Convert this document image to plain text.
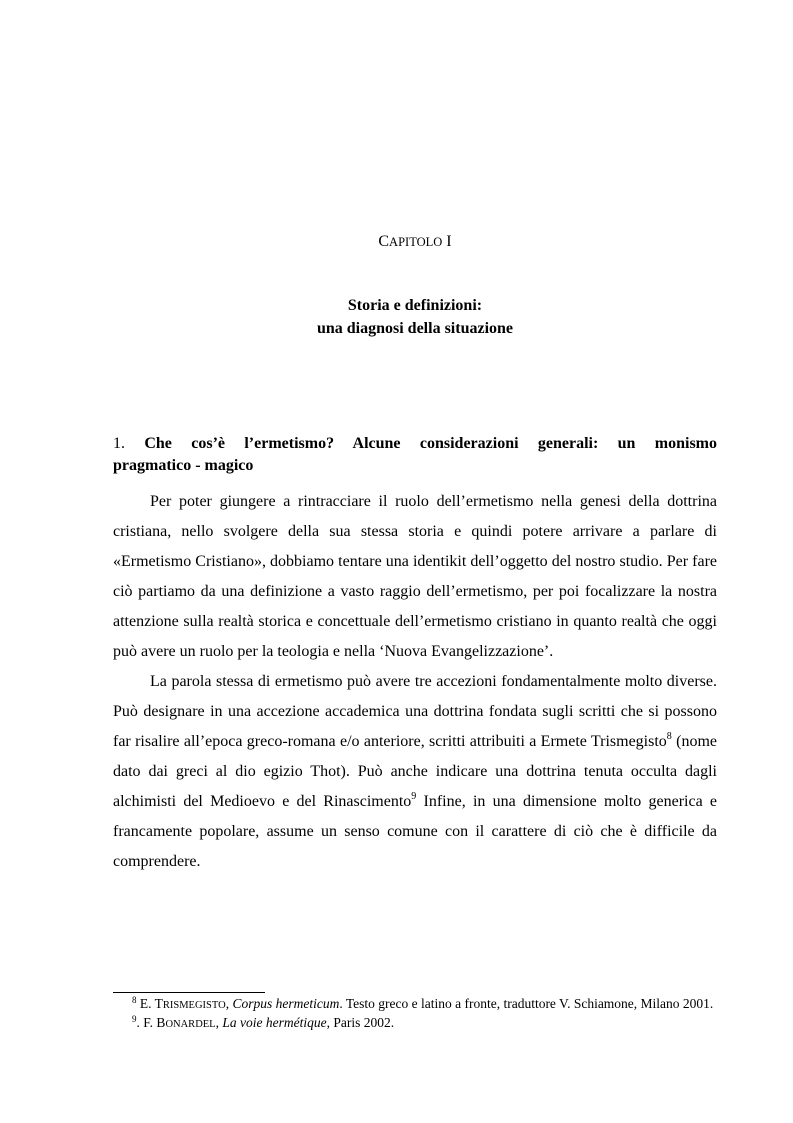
CAPITOLO I
Storia e definizioni:
una diagnosi della situazione
1. Che cos’è l’ermetismo? Alcune considerazioni generali: un monismo
pragmatico - magico

Per poter giungere a rintracciare il ruolo dell’ermetismo nella genesi della dottrina cristiana, nello svolgere della sua stessa storia e quindi potere arrivare a parlare di «Ermetismo Cristiano», dobbiamo tentare una identikit dell’oggetto del nostro studio. Per fare ciò partiamo da una definizione a vasto raggio dell’ermetismo, per poi focalizzare la nostra attenzione sulla realtà storica e concettuale dell’ermetismo cristiano in quanto realtà che oggi può avere un ruolo per la teologia e nella ‘Nuova Evangelizzazione’.

La parola stessa di ermetismo può avere tre accezioni fondamentalmente molto diverse. Può designare in una accezione accademica una dottrina fondata sugli scritti che si possono far risalire all’epoca greco-romana e/o anteriore, scritti attribuiti a Ermete Trismegisto$^8$ (nome dato dai greci al dio egizio Thot). Può anche indicare una dottrina tenuta occulta dagli alchimisti del Medioevo e del Rinascimento$^9$ Infine, in una dimensione molto generica e francamente popolare, assume un senso comune con il carattere di ciò che è difficile da comprendere.

$^8$ E. TRISMEGISTO, Corpus hermeticum. Testo greco e latino a fronte, traduttore V. Schiamone, Milano 2001.

$^9$. F. BONARDEL, La voie hermétique, Paris 2002.
